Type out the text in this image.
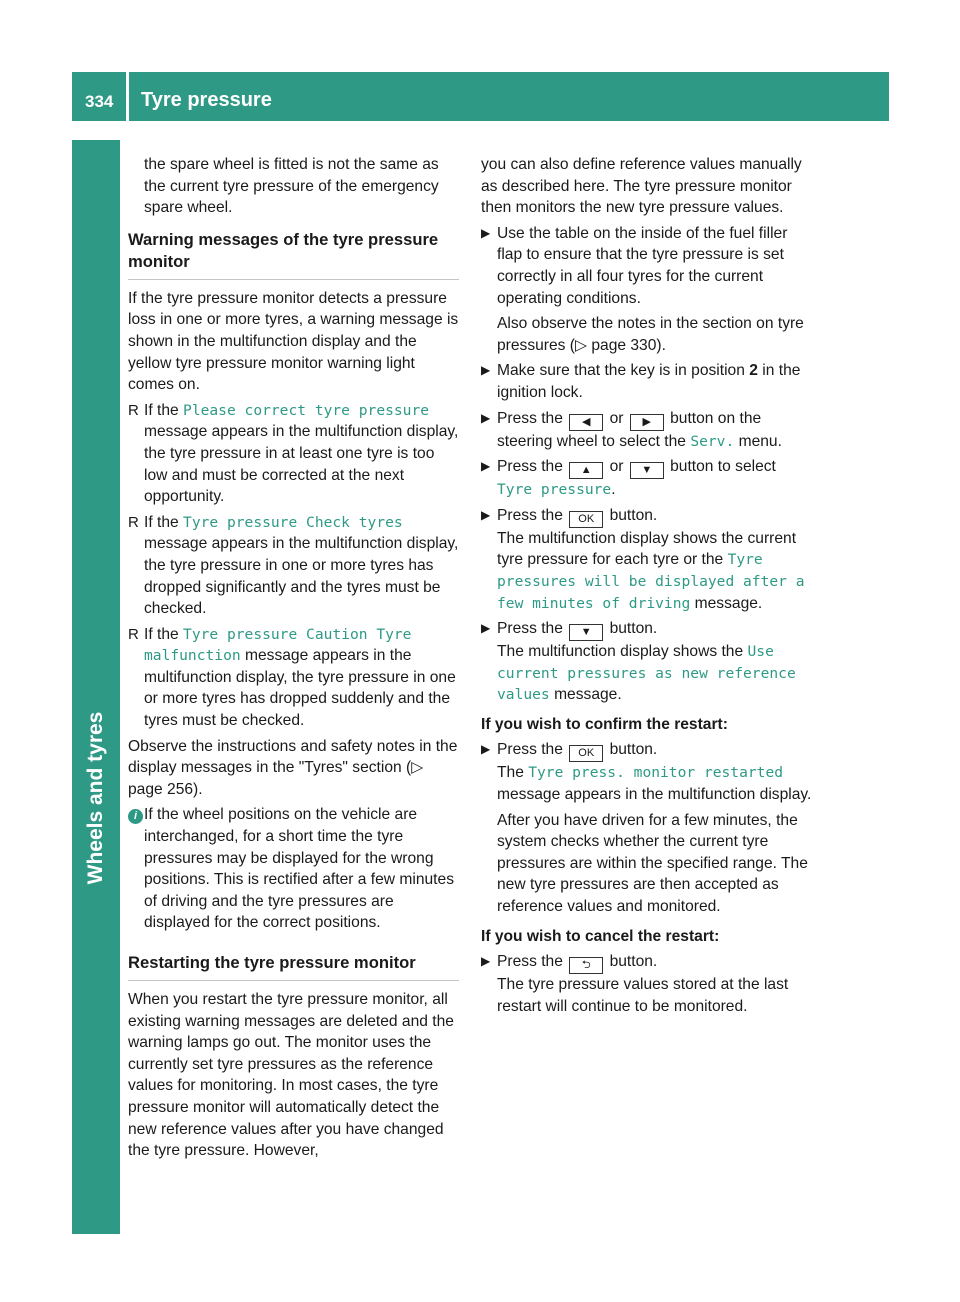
334 Tyre pressure
Wheels and tyres

the spare wheel is fitted is not the same as the current tyre pressure of the emergency spare wheel.

Warning messages of the tyre pressure monitor

If the tyre pressure monitor detects a pressure loss in one or more tyres, a warning message is shown in the multifunction display and the yellow tyre pressure monitor warning light comes on.

R If the Please correct tyre pressure message appears in the multifunction display, the tyre pressure in at least one tyre is too low and must be corrected at the next opportunity.
R If the Tyre pressure Check tyres message appears in the multifunction display, the tyre pressure in one or more tyres has dropped significantly and the tyres must be checked.
R If the Tyre pressure Caution Tyre malfunction message appears in the multifunction display, the tyre pressure in one or more tyres has dropped suddenly and the tyres must be checked.

Observe the instructions and safety notes in the display messages in the "Tyres" section (▷ page 256).

i If the wheel positions on the vehicle are interchanged, for a short time the tyre pressures may be displayed for the wrong positions. This is rectified after a few minutes of driving and the tyre pressures are displayed for the correct positions.
Restarting the tyre pressure monitor

When you restart the tyre pressure monitor, all existing warning messages are deleted and the warning lamps go out. The monitor uses the currently set tyre pressures as the reference values for monitoring. In most cases, the tyre pressure monitor will automatically detect the new reference values after you have changed the tyre pressure. However,

you can also define reference values manually as described here. The tyre pressure monitor then monitors the new tyre pressure values.

▶ Use the table on the inside of the fuel filler flap to ensure that the tyre pressure is set correctly in all four tyres for the current operating conditions.

Also observe the notes in the section on tyre pressures (▷ page 330).

▶ Make sure that the key is in position 2 in the ignition lock.
▶ Press the ◀ or ▶ button on the steering wheel to select the Serv. menu.
▶ Press the ▲ or ▼ button to select Tyre pressure.
▶ Press the OK button.

The multifunction display shows the current tyre pressure for each tyre or the Tyre pressures will be displayed after a few minutes of driving message.

▶ Press the ▼ button.

The multifunction display shows the Use current pressures as new reference values message.

If you wish to confirm the restart:
▶ Press the OK button.

The Tyre press. monitor restarted message appears in the multifunction display.

After you have driven for a few minutes, the system checks whether the current tyre pressures are within the specified range. The new tyre pressures are then accepted as reference values and monitored.

If you wish to cancel the restart:
▶ Press the ⮌ button.

The tyre pressure values stored at the last restart will continue to be monitored.
